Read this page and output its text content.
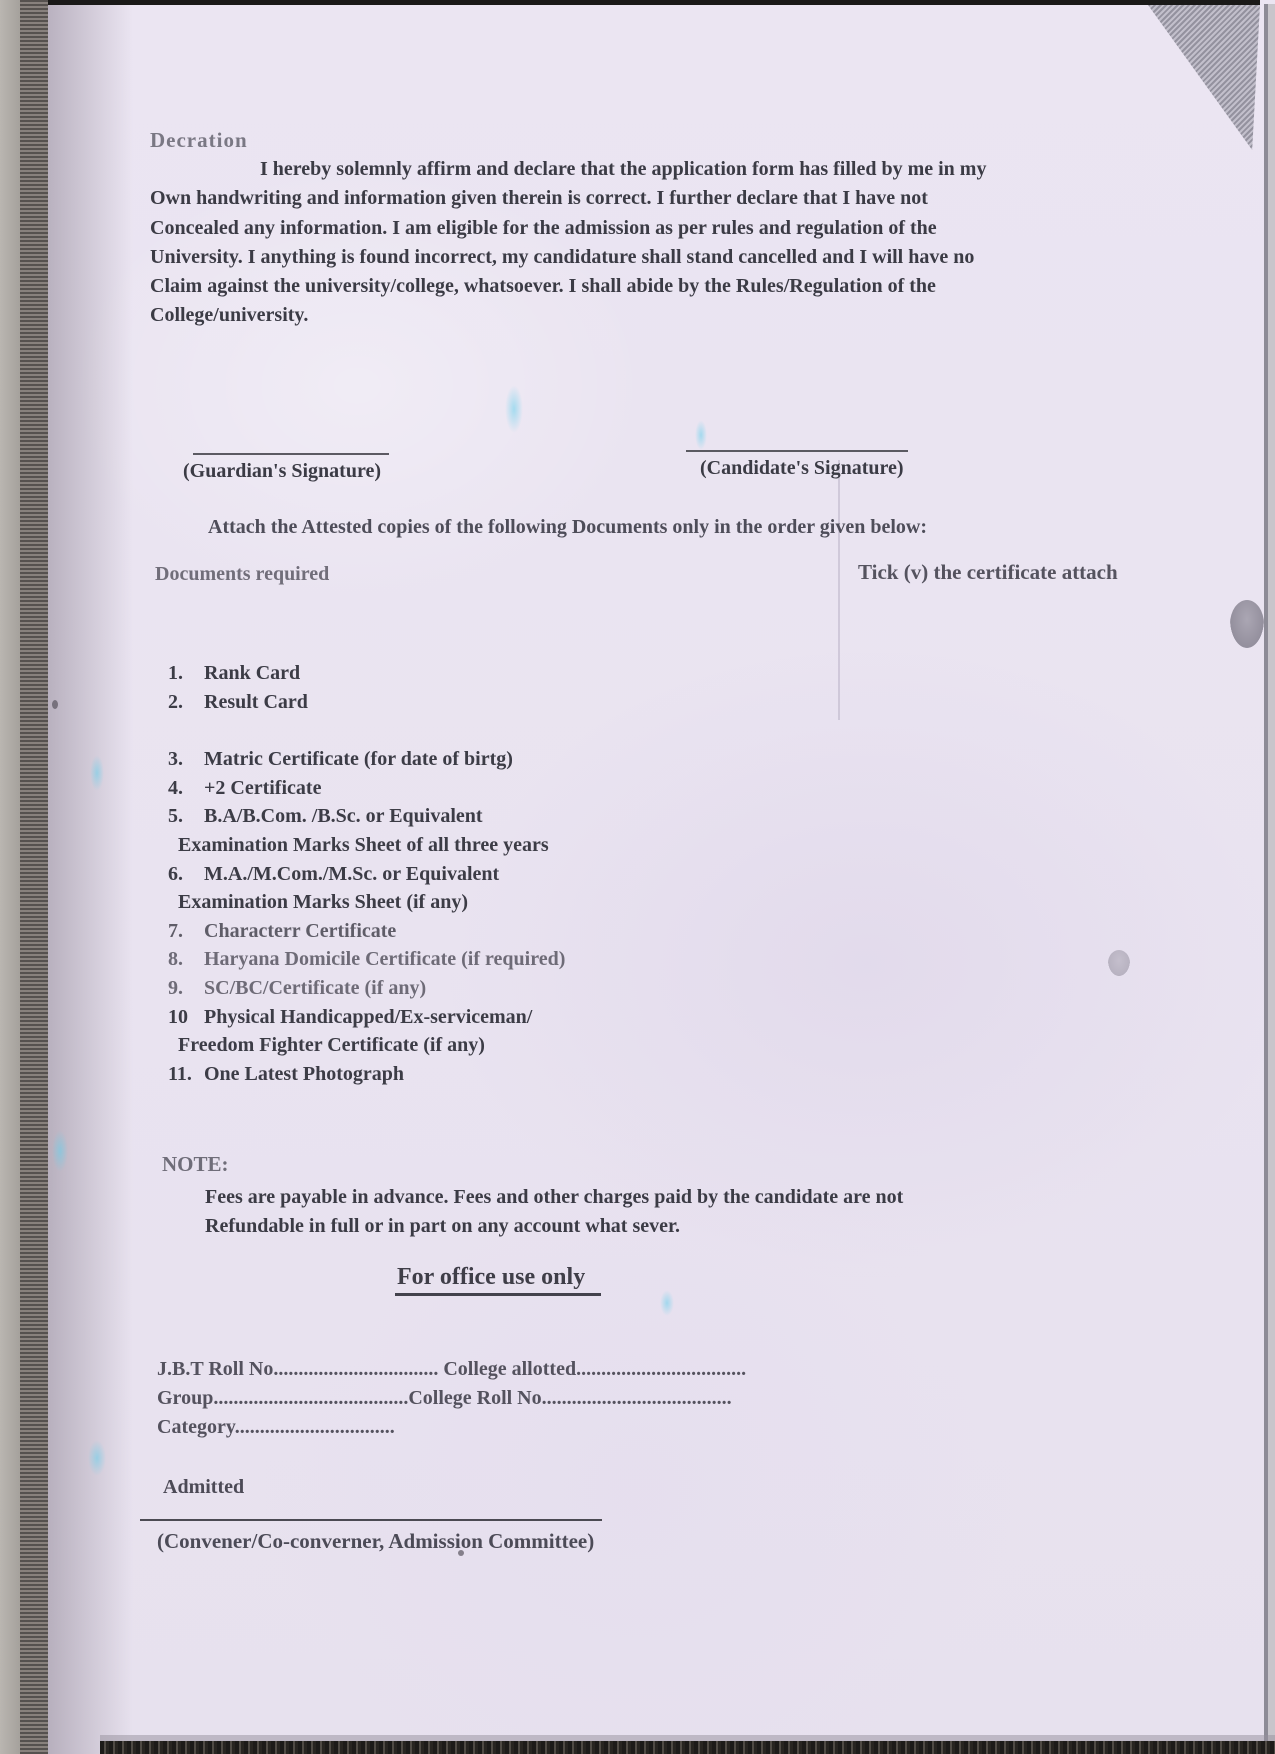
Decration
I hereby solemnly affirm and declare that the application form has filled by me in my
Own handwriting and information given therein is correct. I further declare that I have not
Concealed any information. I am eligible for the admission as per rules and regulation of the
University. I anything is found incorrect, my candidature shall stand cancelled and I will have no
Claim against the university/college, whatsoever. I shall abide by the Rules/Regulation of the
College/university.
(Guardian's Signature)	(Candidate's Signature)
Attach the Attested copies of the following Documents only in the order given below:
Documents required	Tick (v) the certificate attach
1. Rank Card
2. Result Card
3. Matric Certificate (for date of birtg)
4. +2 Certificate
5. B.A/B.Com. /B.Sc. or Equivalent
Examination Marks Sheet of all three years
6. M.A./M.Com./M.Sc. or Equivalent
Examination Marks Sheet (if any)
7. Characterr Certificate
8. Haryana Domicile Certificate (if required)
9. SC/BC/Certificate (if any)
10 Physical Handicapped/Ex-serviceman/
Freedom Fighter Certificate (if any)
11. One Latest Photograph
NOTE:
Fees are payable in advance. Fees and other charges paid by the candidate are not
Refundable in full or in part on any account what sever.
For office use only
J.B.T Roll No................................. College allotted..................................
Group.......................................College Roll No......................................
Category................................
Admitted
(Convener/Co-converner, Admission Committee)
